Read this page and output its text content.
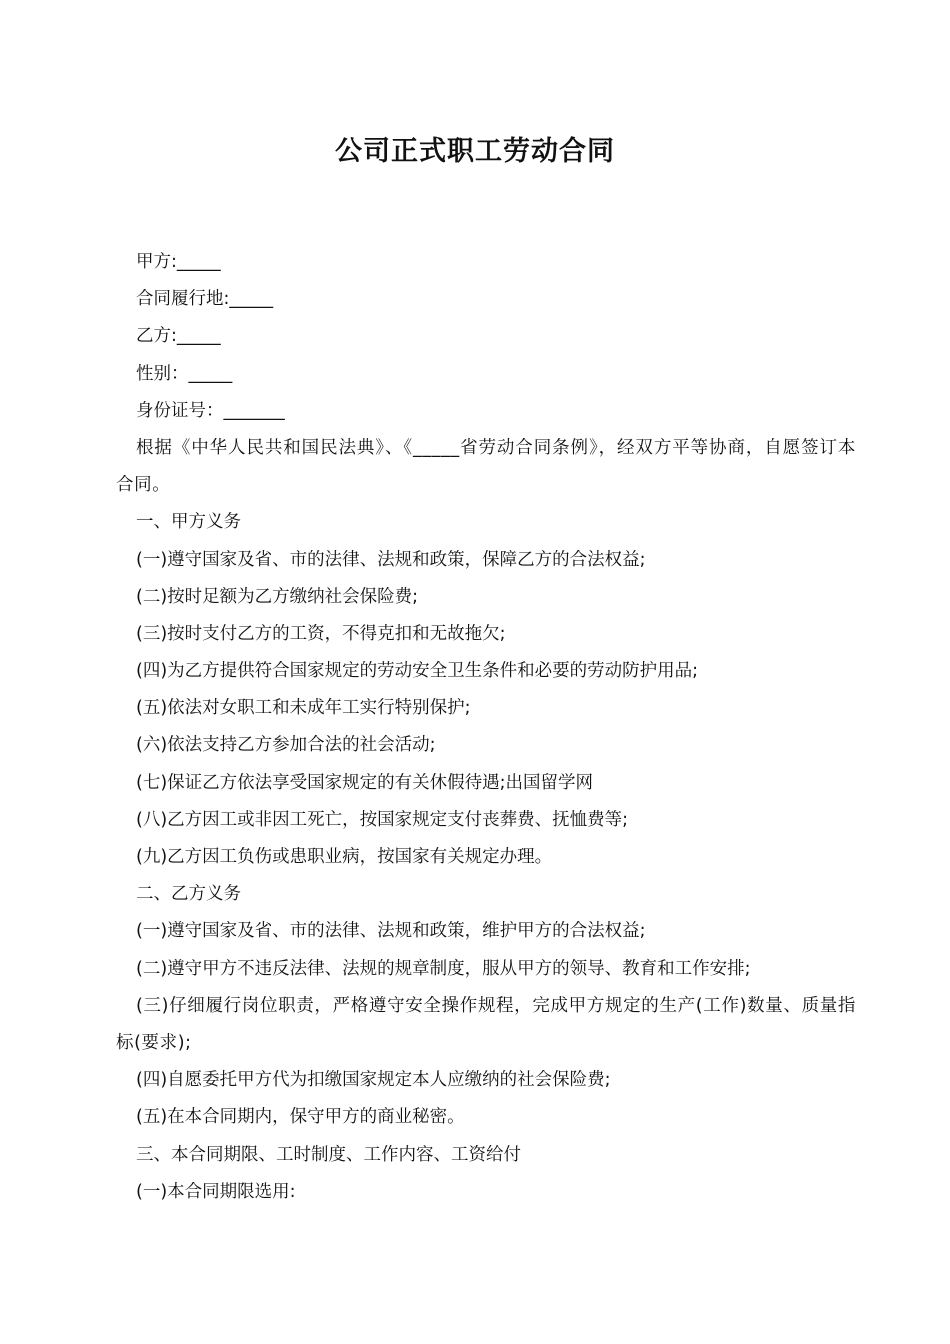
公司正式职工劳动合同

甲方:_____

合同履行地:_____

乙方:_____

性别：_____

身份证号：_______

根据《中华人民共和国民法典》、《_____省劳动合同条例》，经双方平等协商，自愿签订本合同。

一、甲方义务

(一)遵守国家及省、市的法律、法规和政策，保障乙方的合法权益;

(二)按时足额为乙方缴纳社会保险费;

(三)按时支付乙方的工资，不得克扣和无故拖欠;

(四)为乙方提供符合国家规定的劳动安全卫生条件和必要的劳动防护用品;

(五)依法对女职工和未成年工实行特别保护;

(六)依法支持乙方参加合法的社会活动;

(七)保证乙方依法享受国家规定的有关休假待遇;出国留学网

(八)乙方因工或非因工死亡，按国家规定支付丧葬费、抚恤费等;

(九)乙方因工负伤或患职业病，按国家有关规定办理。

二、乙方义务

(一)遵守国家及省、市的法律、法规和政策，维护甲方的合法权益;

(二)遵守甲方不违反法律、法规的规章制度，服从甲方的领导、教育和工作安排;

(三)仔细履行岗位职责，严格遵守安全操作规程，完成甲方规定的生产(工作)数量、质量指标(要求);

(四)自愿委托甲方代为扣缴国家规定本人应缴纳的社会保险费;

(五)在本合同期内，保守甲方的商业秘密。

三、本合同期限、工时制度、工作内容、工资给付

(一)本合同期限选用:
